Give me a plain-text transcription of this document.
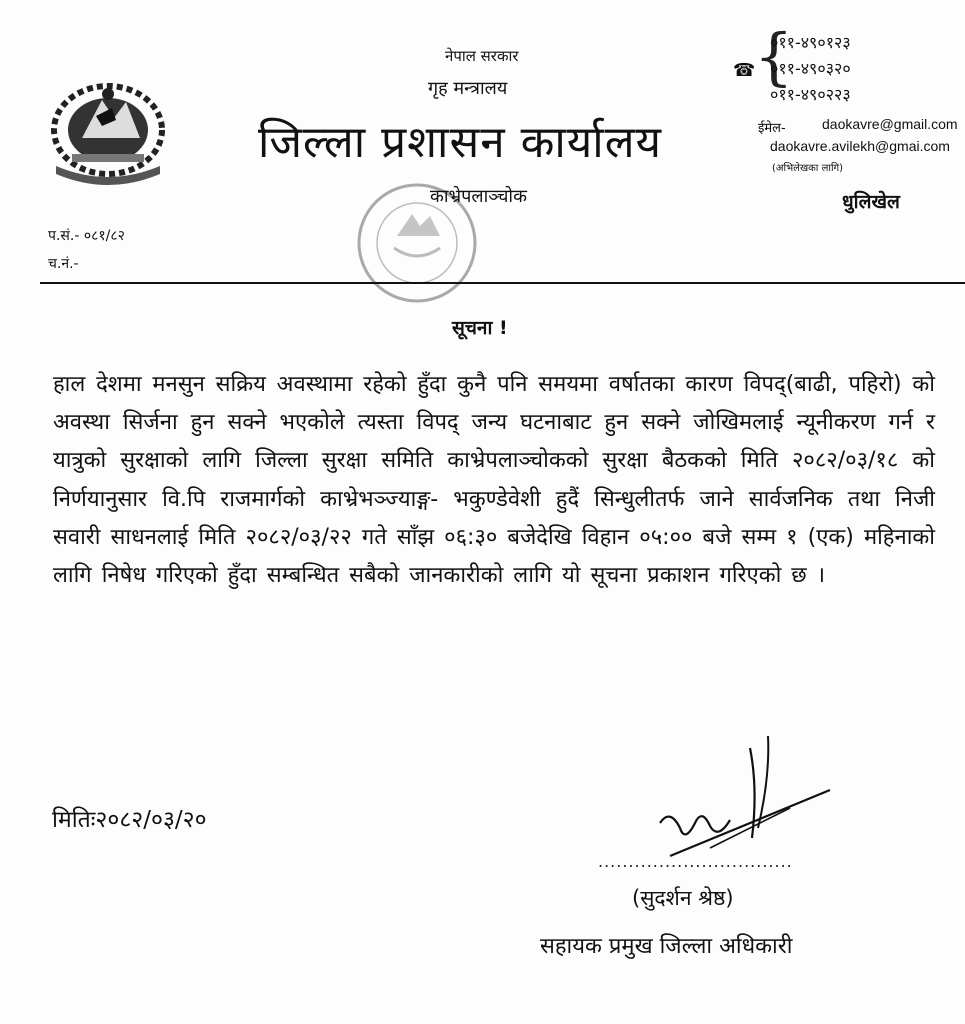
नेपाल सरकार
गृह मन्त्रालय
जिल्ला प्रशासन कार्यालय
काभ्रेपलाञ्चोक
☎
{
०११-४९०१२३
०११-४९०३२०
०११-४९०२२३
ईमेल-	daokavre@gmail.com
daokavre.avilekh@gmai.com
(अभिलेखका लागि)
धुलिखेल
प.सं.- ०८१/८२
च.नं.-
सूचना !
हाल देशमा मनसुन सक्रिय अवस्थामा रहेको हुँदा कुनै पनि समयमा वर्षातका कारण विपद्(बाढी, पहिरो) को अवस्था सिर्जना हुन सक्ने भएकोले त्यस्ता विपद् जन्य घटनाबाट हुन सक्ने जोखिमलाई न्यूनीकरण गर्न र यात्रुको सुरक्षाको लागि जिल्ला सुरक्षा समिति काभ्रेपलाञ्चोकको सुरक्षा बैठकको मिति २०८२/०३/१८ को निर्णयानुसार वि.पि राजमार्गको काभ्रेभञ्ज्याङ्ग- भकुण्डेवेशी हुदैं सिन्धुलीतर्फ जाने सार्वजनिक तथा निजी सवारी साधनलाई मिति २०८२/०३/२२ गते साँझ ०६:३० बजेदेखि विहान ०५:०० बजे सम्म १ (एक) महिनाको लागि निषेध गरिएको हुँदा सम्बन्धित सबैको जानकारीको लागि यो सूचना प्रकाशन गरिएको छ ।
मितिः२०८२/०३/२०
................................
(सुदर्शन श्रेष्ठ)
सहायक प्रमुख जिल्ला अधिकारी
